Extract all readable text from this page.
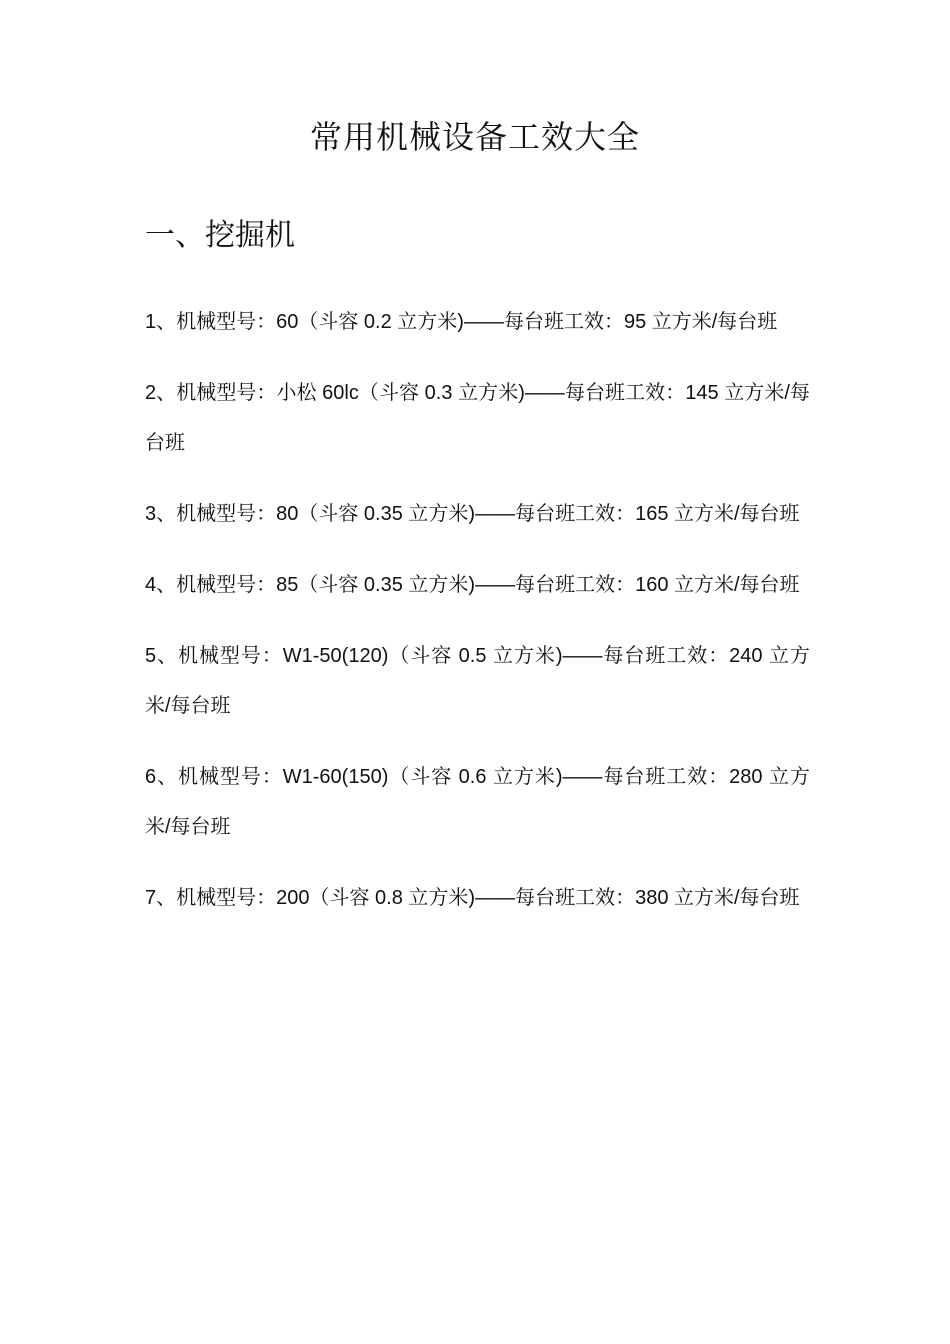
常用机械设备工效大全
一、挖掘机
1、机械型号：60（斗容 0.2 立方米)——每台班工效：95 立方米/每台班
2、机械型号：小松 60lc（斗容 0.3 立方米)——每台班工效：145 立方米/每台班
3、机械型号：80（斗容 0.35 立方米)——每台班工效：165 立方米/每台班
4、机械型号：85（斗容 0.35 立方米)——每台班工效：160 立方米/每台班
5、机械型号：W1-50(120)（斗容 0.5 立方米)——每台班工效：240 立方米/每台班
6、机械型号：W1-60(150)（斗容 0.6 立方米)——每台班工效：280 立方米/每台班
7、机械型号：200（斗容 0.8 立方米)——每台班工效：380 立方米/每台班
